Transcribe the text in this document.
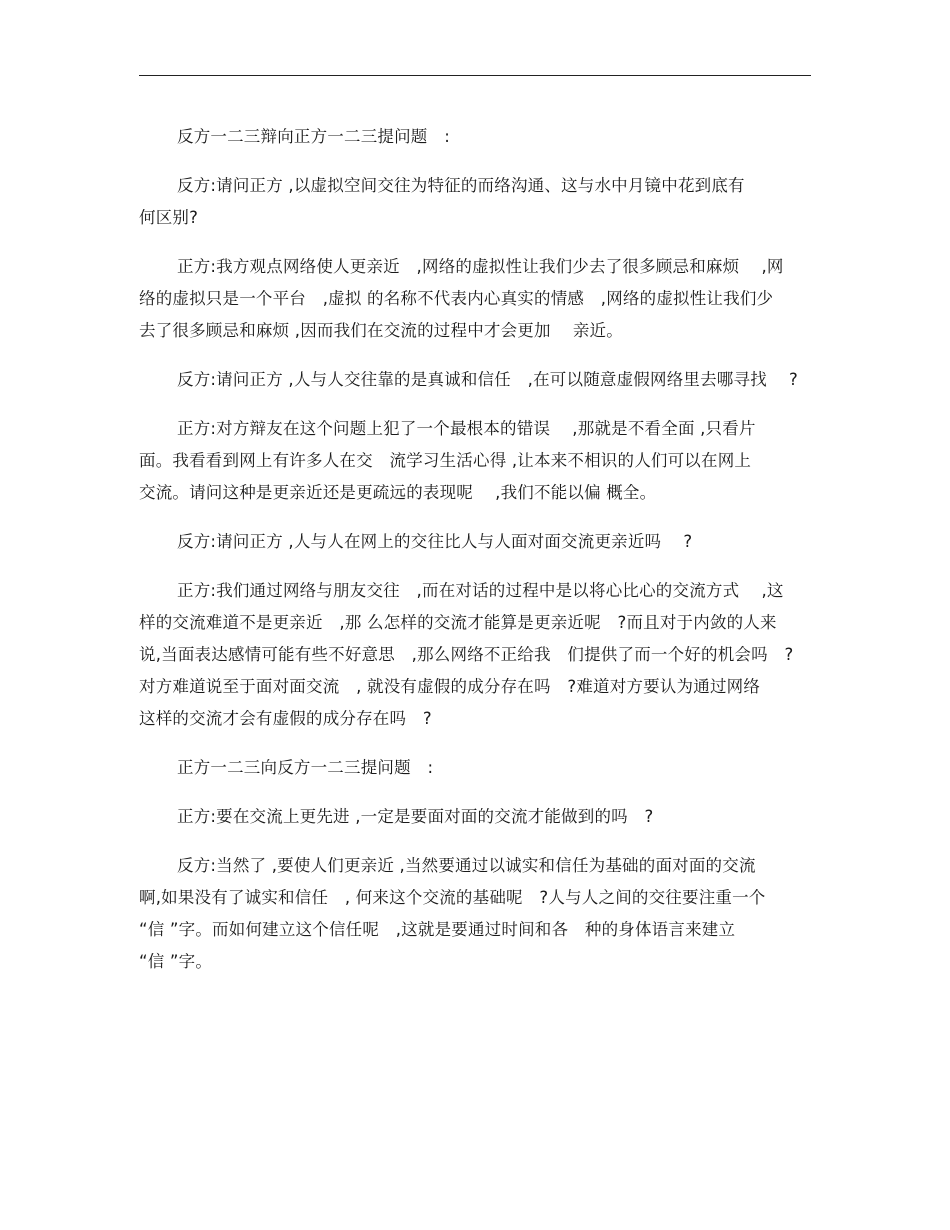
反方一二三辩向正方一二三提问题　:
反方:请问正方 ,以虚拟空间交往为特征的而络沟通、这与水中月镜中花到底有
何区别?
正方:我方观点网络使人更亲近　,网络的虚拟性让我们少去了很多顾忌和麻烦　 ,网
络的虚拟只是一个平台　,虚拟 的名称不代表内心真实的情感　,网络的虚拟性让我们少
去了很多顾忌和麻烦 ,因而我们在交流的过程中才会更加　 亲近。
反方:请问正方 ,人与人交往靠的是真诚和信任　,在可以随意虚假网络里去哪寻找　 ?
正方:对方辩友在这个问题上犯了一个最根本的错误　 ,那就是不看全面 ,只看片
面。我看看到网上有许多人在交　流学习生活心得 ,让本来不相识的人们可以在网上
交流。请问这种是更亲近还是更疏远的表现呢　 ,我们不能以偏 概全。
反方:请问正方 ,人与人在网上的交往比人与人面对面交流更亲近吗　 ?
正方:我们通过网络与朋友交往　,而在对话的过程中是以将心比心的交流方式　 ,这
样的交流难道不是更亲近　,那 么怎样的交流才能算是更亲近呢　?而且对于内敛的人来
说,当面表达感情可能有些不好意思　,那么网络不正给我　们提供了而一个好的机会吗　?
对方难道说至于面对面交流　, 就没有虚假的成分存在吗　?难道对方要认为通过网络
这样的交流才会有虚假的成分存在吗　?
正方一二三向反方一二三提问题　:
正方:要在交流上更先进 ,一定是要面对面的交流才能做到的吗　?
反方:当然了 ,要使人们更亲近 ,当然要通过以诚实和信任为基础的面对面的交流
啊,如果没有了诚实和信任　, 何来这个交流的基础呢　?人与人之间的交往要注重一个
“信 ”字。而如何建立这个信任呢　,这就是要通过时间和各　种的身体语言来建立
“信 ”字。
